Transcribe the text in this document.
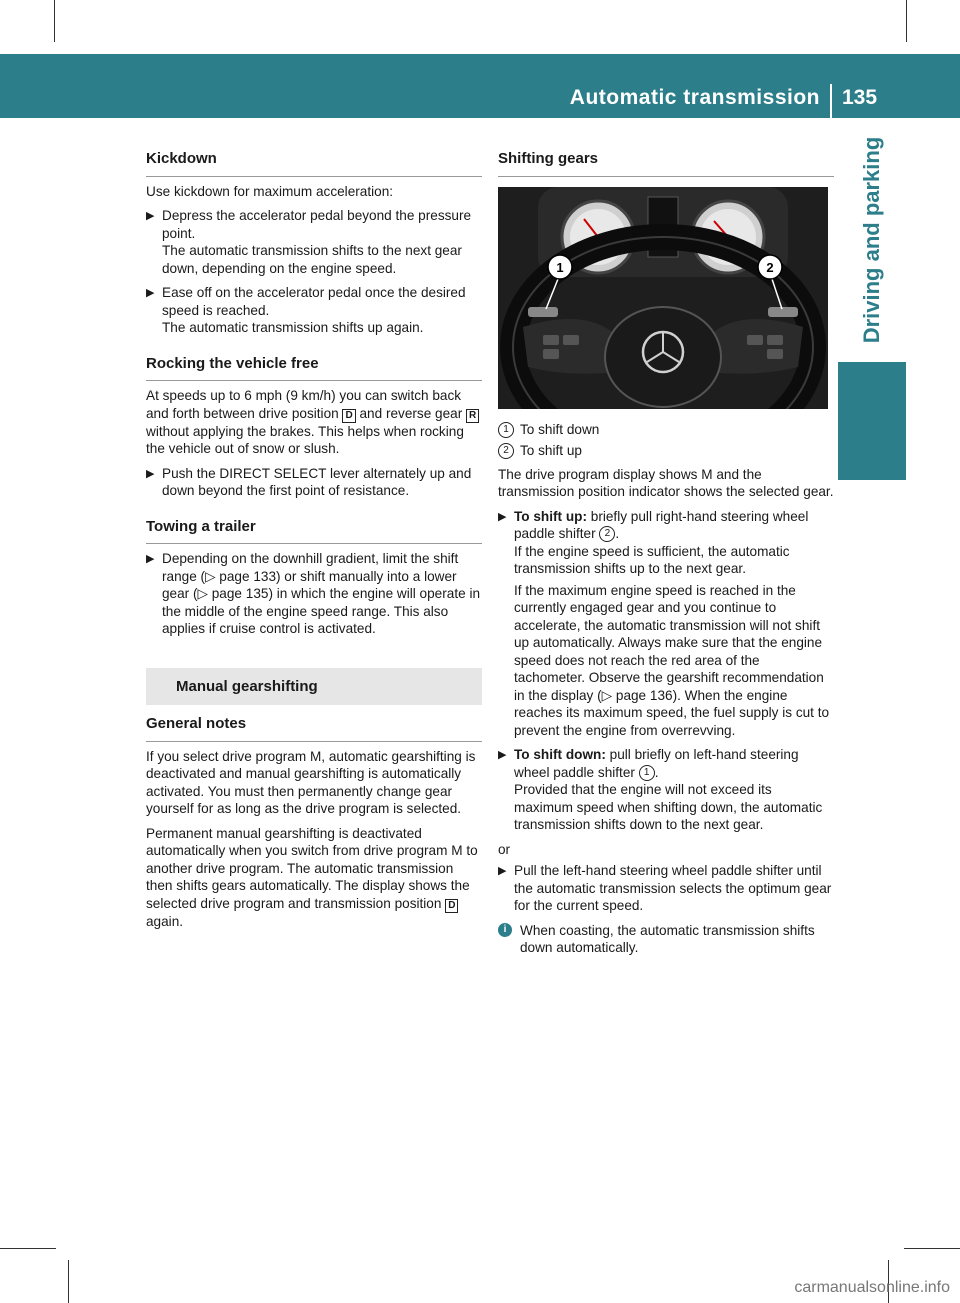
Automatic transmission 135
Driving and parking
Kickdown

Use kickdown for maximum acceleration:

▶ Depress the accelerator pedal beyond the pressure point.
The automatic transmission shifts to the next gear down, depending on the engine speed.
▶ Ease off on the accelerator pedal once the desired speed is reached.
The automatic transmission shifts up again.
Rocking the vehicle free

At speeds up to 6 mph (9 km/h) you can switch back and forth between drive position D and reverse gear R without applying the brakes. This helps when rocking the vehicle out of snow or slush.

▶ Push the DIRECT SELECT lever alternately up and down beyond the first point of resistance.
Towing a trailer
▶ Depending on the downhill gradient, limit the shift range (▷ page 133) or shift manually into a lower gear (▷ page 135) in which the engine will operate in the middle of the engine speed range. This also applies if cruise control is activated.
Manual gearshifting
General notes

If you select drive program M, automatic gearshifting is deactivated and manual gearshifting is automatically activated. You must then permanently change gear yourself for as long as the drive program is selected.

Permanent manual gearshifting is deactivated automatically when you switch from drive program M to another drive program. The automatic transmission then shifts gears automatically. The display shows the selected drive program and transmission position D again.

Shifting gears
1	2
1 To shift down
2 To shift up

The drive program display shows M and the transmission position indicator shows the selected gear.

▶ To shift up: briefly pull right-hand steering wheel paddle shifter 2 .
If the engine speed is sufficient, the automatic transmission shifts up to the next gear.

If the maximum engine speed is reached in the currently engaged gear and you continue to accelerate, the automatic transmission will not shift up automatically. Always make sure that the engine speed does not reach the red area of the tachometer. Observe the gearshift recommendation in the display (▷ page 136). When the engine reaches its maximum speed, the fuel supply is cut to prevent the engine from overrevving.

▶ To shift down: pull briefly on left-hand steering wheel paddle shifter 1 .
Provided that the engine will not exceed its maximum speed when shifting down, the automatic transmission shifts down to the next gear.

or

▶ Pull the left-hand steering wheel paddle shifter until the automatic transmission selects the optimum gear for the current speed.
i	When coasting, the automatic transmission shifts down automatically.
carmanualsonline.info
